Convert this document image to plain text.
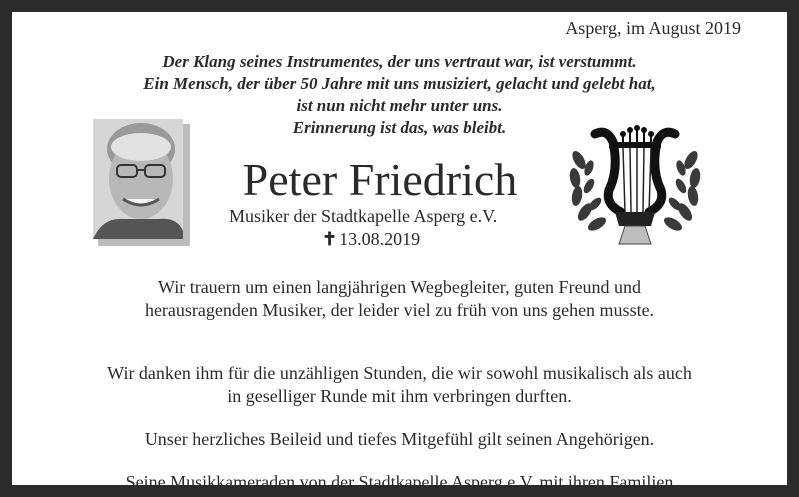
Asperg, im August 2019
Der Klang seines Instrumentes, der uns vertraut war, ist verstummt.
Ein Mensch, der über 50 Jahre mit uns musiziert, gelacht und gelebt hat,
ist nun nicht mehr unter uns.
Erinnerung ist das, was bleibt.
Peter Friedrich
Musiker der Stadtkapelle Asperg e.V.
✝ 13.08.2019

Wir trauern um einen langjährigen Wegbegleiter, guten Freund und
herausragenden Musiker, der leider viel zu früh von uns gehen musste.

Wir danken ihm für die unzähligen Stunden, die wir sowohl musikalisch als auch
in geselliger Runde mit ihm verbringen durften.
Unser herzliches Beileid und tiefes Mitgefühl gilt seinen Angehörigen.
Seine Musikkameraden von der Stadtkapelle Asperg e.V. mit ihren Familien
